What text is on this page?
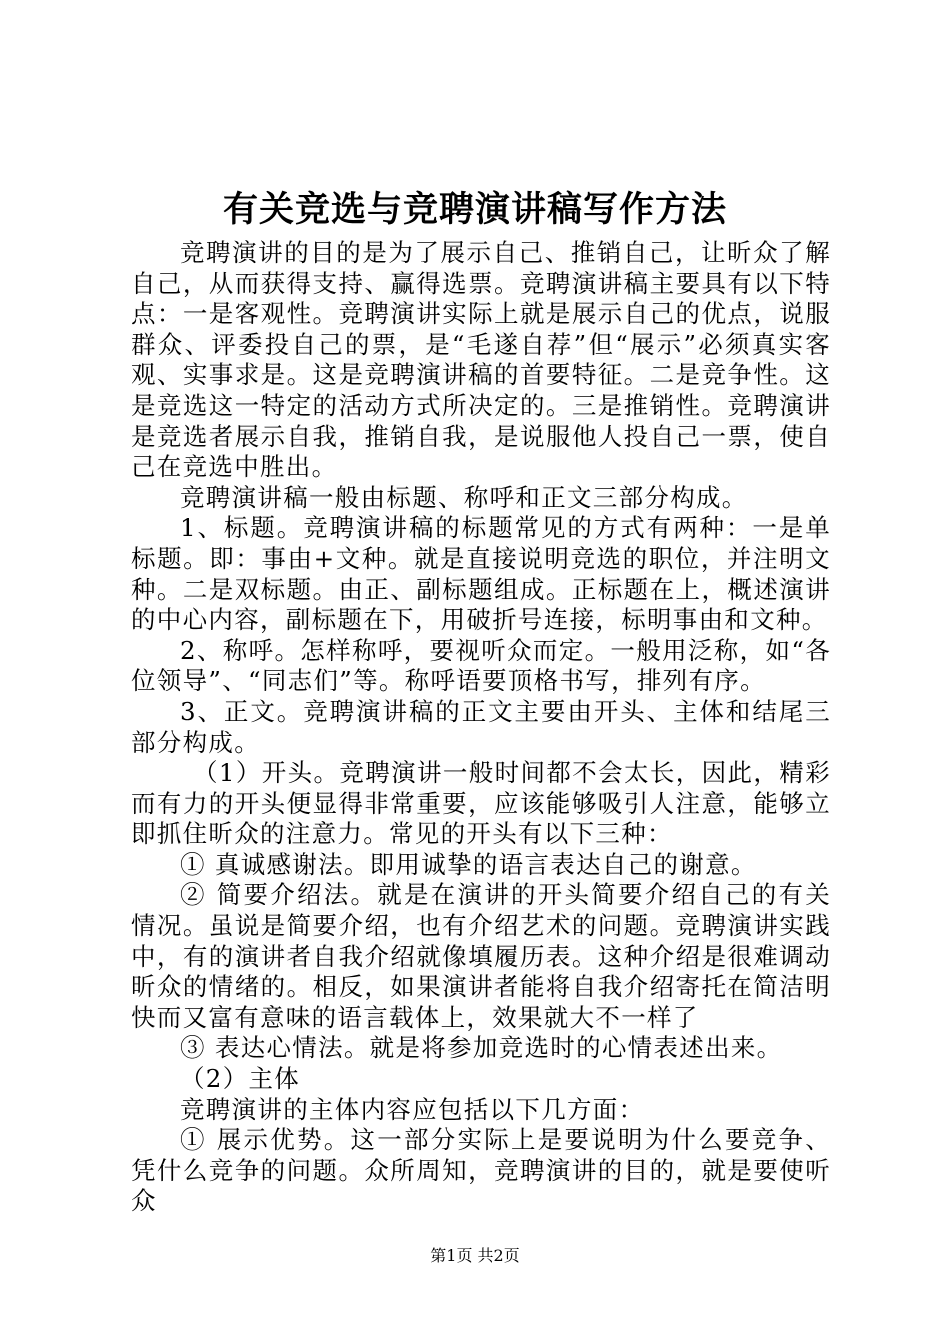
有关竞选与竞聘演讲稿写作方法

竞聘演讲的目的是为了展示自己、推销自己，让昕众了解自己，从而获得支持、赢得选票。竞聘演讲稿主要具有以下特点：一是客观性。竞聘演讲实际上就是展示自己的优点，说服群众、评委投自己的票，是“毛遂自荐”但“展示”必须真实客观、实事求是。这是竞聘演讲稿的首要特征。二是竞争性。这是竞选这一特定的活动方式所决定的。三是推销性。竞聘演讲是竞选者展示自我，推销自我，是说服他人投自己一票，使自己在竞选中胜出。

竞聘演讲稿一般由标题、称呼和正文三部分构成。

1、标题。竞聘演讲稿的标题常见的方式有两种：一是单标题。即：事由+文种。就是直接说明竞选的职位，并注明文种。二是双标题。由正、副标题组成。正标题在上，概述演讲的中心内容，副标题在下，用破折号连接，标明事由和文种。

2、称呼。怎样称呼，要视听众而定。一般用泛称，如“各位领导”、“同志们”等。称呼语要顶格书写，排列有序。

3、正文。竞聘演讲稿的正文主要由开头、主体和结尾三部分构成。

（1）开头。竞聘演讲一般时间都不会太长，因此，精彩而有力的开头便显得非常重要，应该能够吸引人注意，能够立即抓住昕众的注意力。常见的开头有以下三种：

① 真诚感谢法。即用诚挚的语言表达自己的谢意。

② 简要介绍法。就是在演讲的开头简要介绍自己的有关情况。虽说是简要介绍，也有介绍艺术的问题。竞聘演讲实践中，有的演讲者自我介绍就像填履历表。这种介绍是很难调动昕众的情绪的。相反，如果演讲者能将自我介绍寄托在简洁明快而又富有意味的语言载体上，效果就大不一样了

③ 表达心情法。就是将参加竞选时的心情表述出来。

（2）主体

竞聘演讲的主体内容应包括以下几方面：

① 展示优势。这一部分实际上是要说明为什么要竞争、凭什么竞争的问题。众所周知，竞聘演讲的目的，就是要使听众

第1页 共2页
